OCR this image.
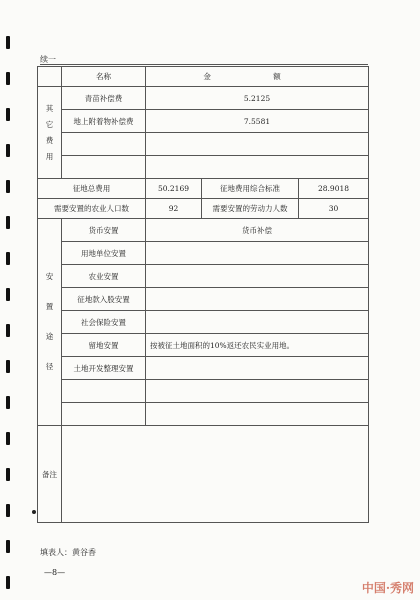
续一
	名称	金 额		

其
它
费
用	青苗补偿费	5.2125		
	地上附着物补偿费	7.5581		

征地总费用		50.2169	征地费用综合标准	28.9018
需要安置的农业人口数		92	需要安置的劳动力人数	30

安
置
途
径	货币安置	货币补偿		
	用地单位安置			
	农业安置			
	征地款入股安置			
	社会保险安置			
	留地安置	按被征土地面积的10%返还农民实业用地。		
	土地开发整理安置			

备注				
填表人：黄谷香
—8—
中国·秀网
